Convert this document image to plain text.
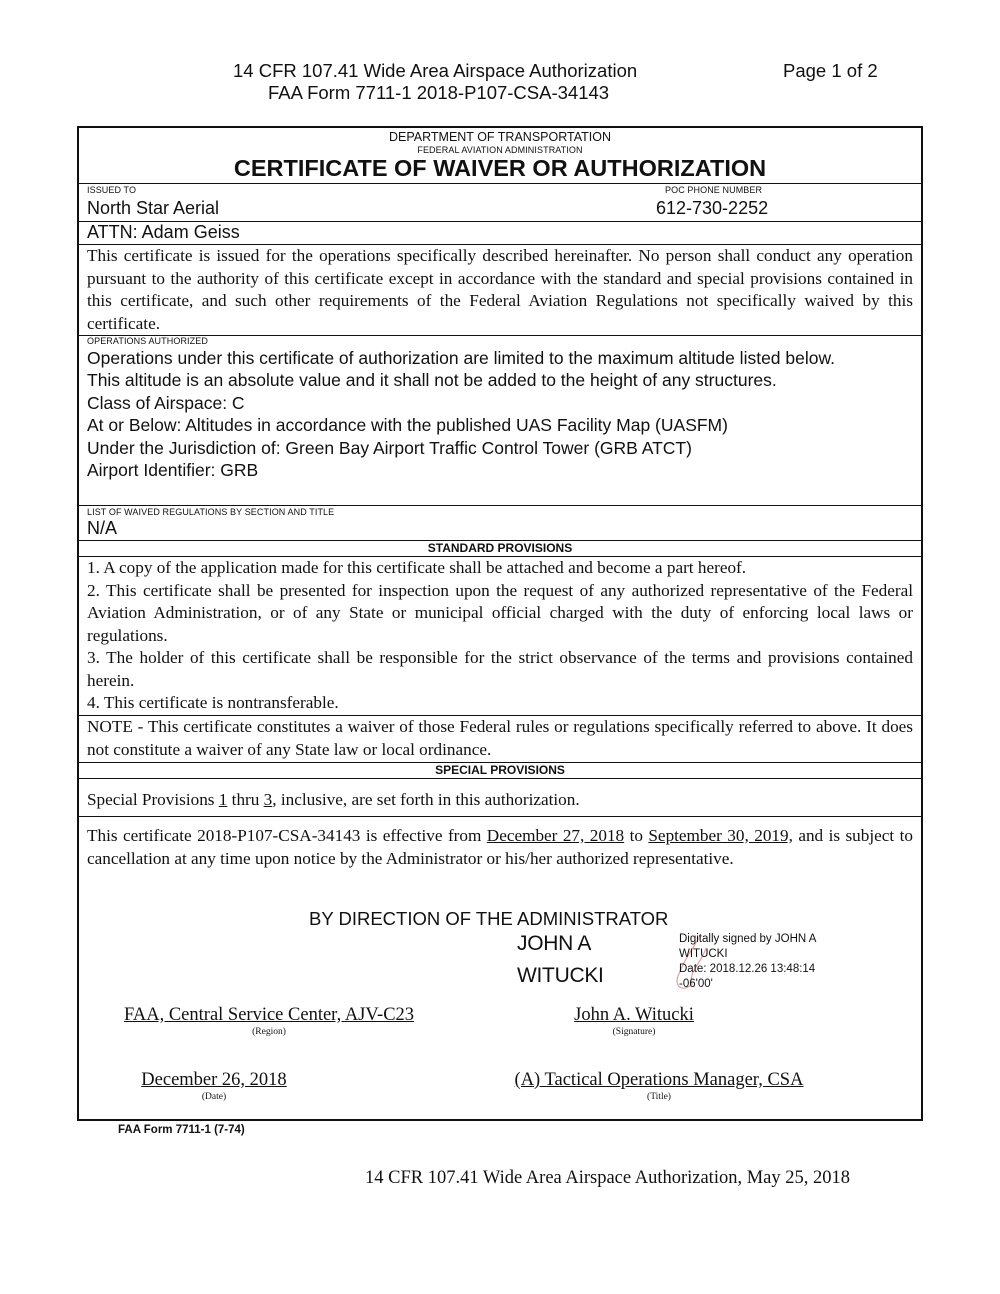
14 CFR 107.41 Wide Area Airspace Authorization	Page 1 of 2
FAA Form 7711-1 2018-P107-CSA-34143
DEPARTMENT OF TRANSPORTATION
FEDERAL AVIATION ADMINISTRATION
CERTIFICATE OF WAIVER OR AUTHORIZATION
ISSUED TO	POC PHONE NUMBER
North Star Aerial	612-730-2252
ATTN: Adam Geiss
This certificate is issued for the operations specifically described hereinafter. No person shall conduct any operation pursuant to the authority of this certificate except in accordance with the standard and special provisions contained in this certificate, and such other requirements of the Federal Aviation Regulations not specifically waived by this certificate.
OPERATIONS AUTHORIZED
Operations under this certificate of authorization are limited to the maximum altitude listed below.
This altitude is an absolute value and it shall not be added to the height of any structures.
Class of Airspace: C
At or Below: Altitudes in accordance with the published UAS Facility Map (UASFM)
Under the Jurisdiction of: Green Bay Airport Traffic Control Tower (GRB ATCT)
Airport Identifier: GRB
LIST OF WAIVED REGULATIONS BY SECTION AND TITLE
N/A
STANDARD PROVISIONS
1. A copy of the application made for this certificate shall be attached and become a part hereof.
2. This certificate shall be presented for inspection upon the request of any authorized representative of the Federal Aviation Administration, or of any State or municipal official charged with the duty of enforcing local laws or regulations.
3. The holder of this certificate shall be responsible for the strict observance of the terms and provisions contained herein.
4. This certificate is nontransferable.
NOTE - This certificate constitutes a waiver of those Federal rules or regulations specifically referred to above. It does not constitute a waiver of any State law or local ordinance.
SPECIAL PROVISIONS
Special Provisions 1 thru 3, inclusive, are set forth in this authorization.
This certificate 2018-P107-CSA-34143 is effective from December 27, 2018 to September 30, 2019, and is subject to cancellation at any time upon notice by the Administrator or his/her authorized representative.
BY DIRECTION OF THE ADMINISTRATOR
JOHN A
WITUCKI
Digitally signed by JOHN A
WITUCKI
Date: 2018.12.26 13:48:14
-06'00'
FAA, Central Service Center, AJV-C23
(Region)
John A. Witucki
(Signature)
December 26, 2018
(Date)
(A) Tactical Operations Manager, CSA
(Title)
FAA Form 7711-1 (7-74)
14 CFR 107.41 Wide Area Airspace Authorization, May 25, 2018
